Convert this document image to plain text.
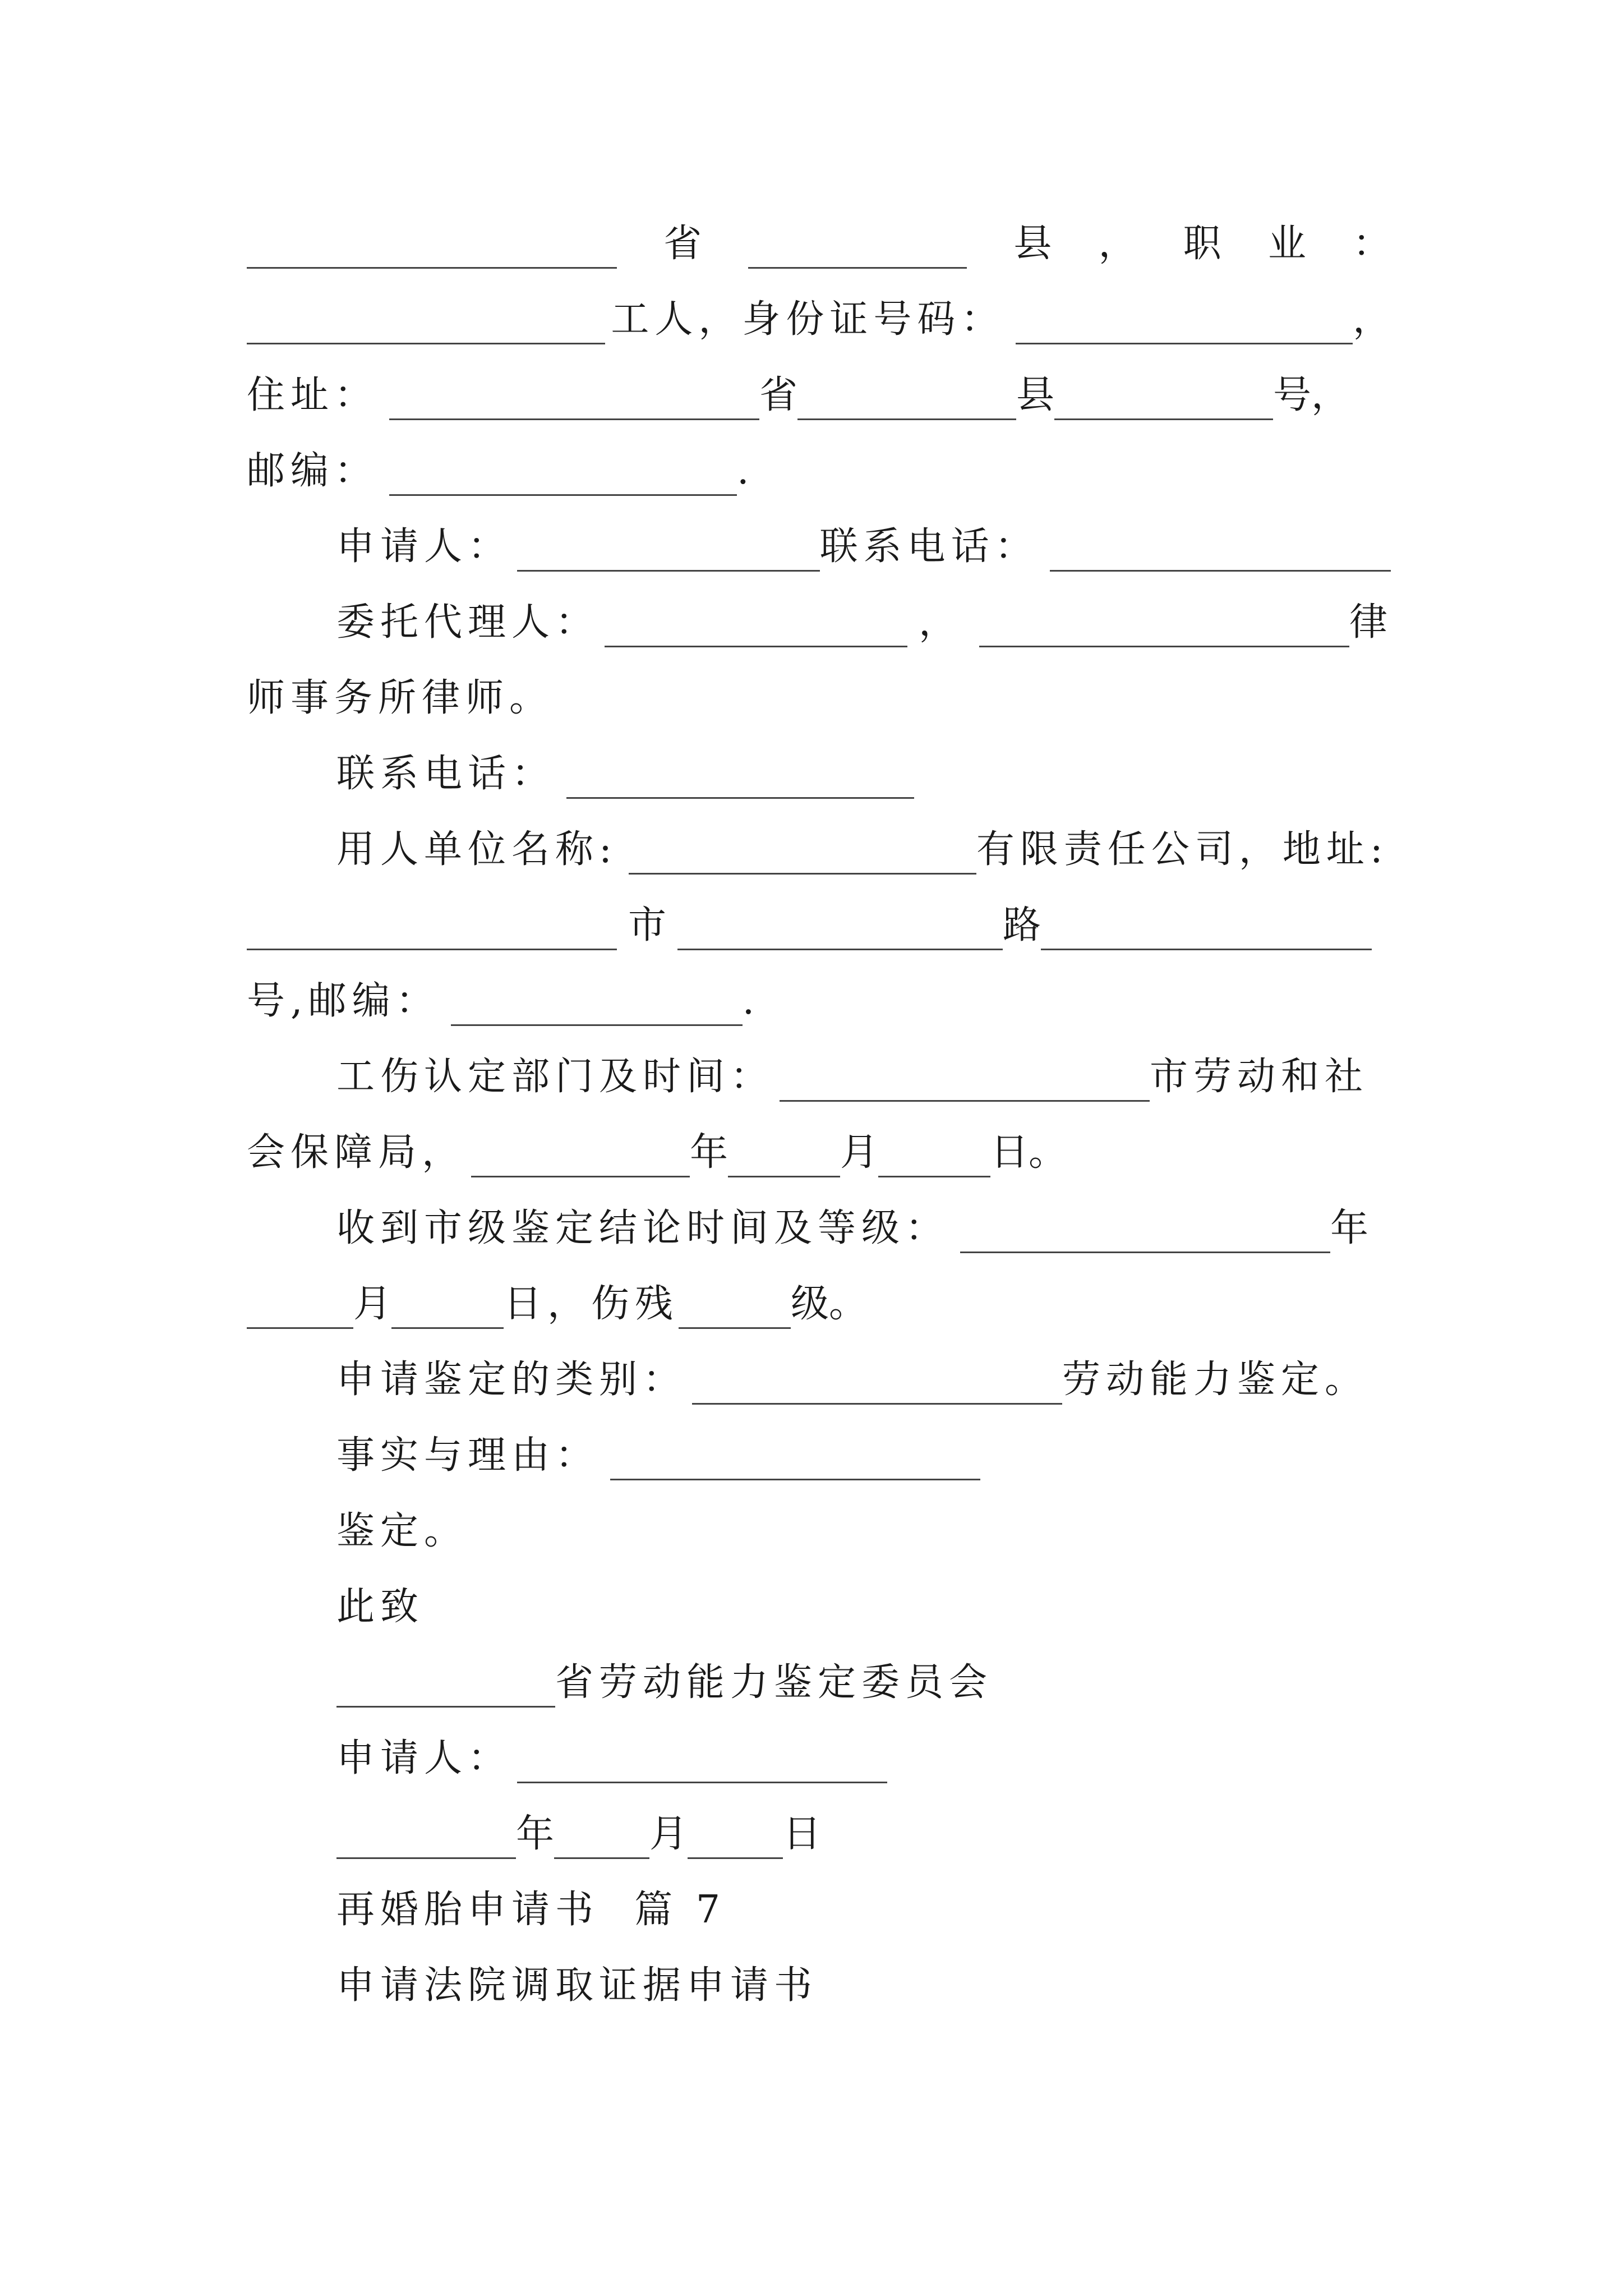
省	县 ， 职 业 ：
工人，身份证号码：	，
住址：	省	县	号，
邮编：	.
申请人：	联系电话：
委托代理人：	，	律
师事务所律师。
联系电话：
用人单位名称:	有限责任公司，地址:
市	路
号,邮编：	.
工伤认定部门及时间：	市劳动和社
会保障局，	年	月	日。
收到市级鉴定结论时间及等级：	年
月	日，伤残	级。
申请鉴定的类别：	劳动能力鉴定。
事实与理由：
鉴定。
此致
省劳动能力鉴定委员会
申请人：
年	月	日
再婚胎申请书  篇 7
申请法院调取证据申请书
